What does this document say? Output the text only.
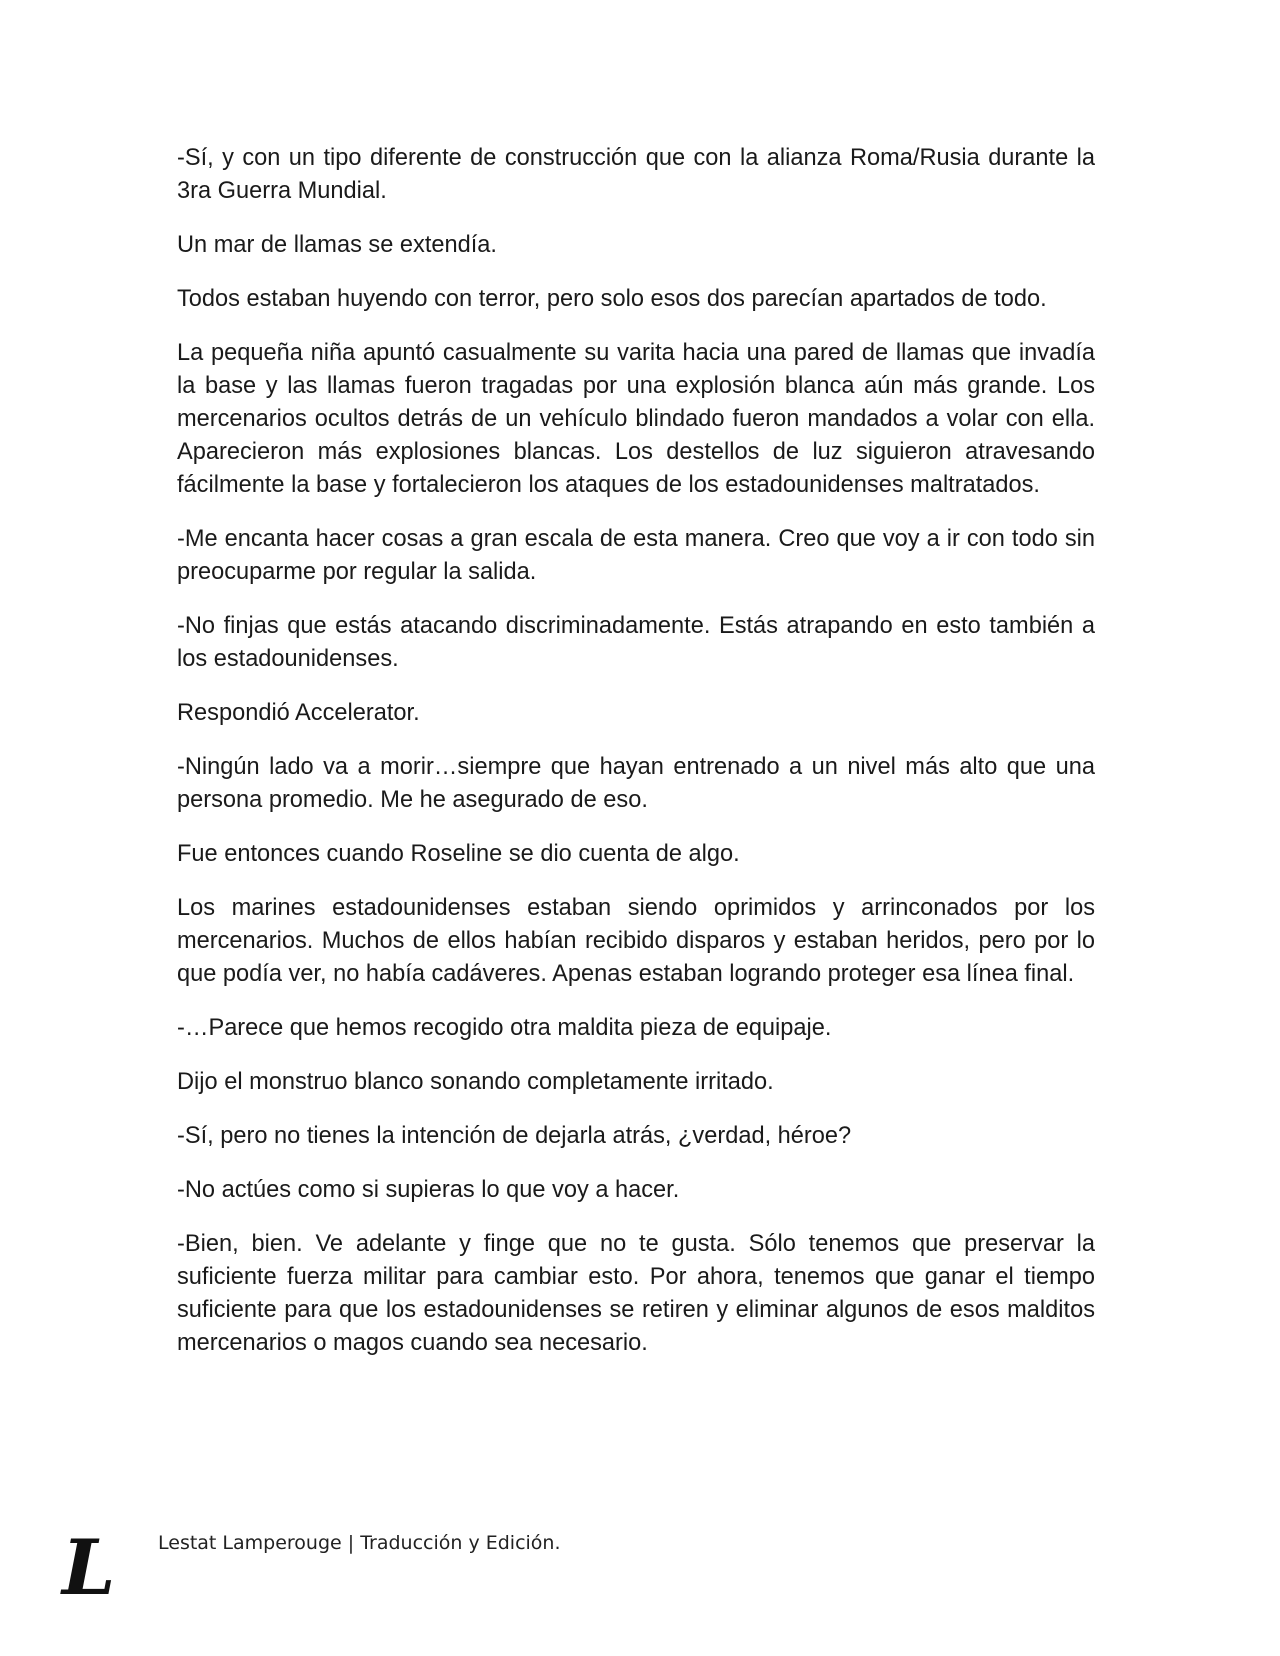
-Sí, y con un tipo diferente de construcción que con la alianza Roma/Rusia durante la 3ra Guerra Mundial.

Un mar de llamas se extendía.

Todos estaban huyendo con terror, pero solo esos dos parecían apartados de todo.

La pequeña niña apuntó casualmente su varita hacia una pared de llamas que invadía la base y las llamas fueron tragadas por una explosión blanca aún más grande. Los mercenarios ocultos detrás de un vehículo blindado fueron mandados a volar con ella. Aparecieron más explosiones blancas. Los destellos de luz siguieron atravesando fácilmente la base y fortalecieron los ataques de los estadounidenses maltratados.

-Me encanta hacer cosas a gran escala de esta manera. Creo que voy a ir con todo sin preocuparme por regular la salida.

-No finjas que estás atacando discriminadamente. Estás atrapando en esto también a los estadounidenses.

Respondió Accelerator.

-Ningún lado va a morir…siempre que hayan entrenado a un nivel más alto que una persona promedio. Me he asegurado de eso.

Fue entonces cuando Roseline se dio cuenta de algo.

Los marines estadounidenses estaban siendo oprimidos y arrinconados por los mercenarios. Muchos de ellos habían recibido disparos y estaban heridos, pero por lo que podía ver, no había cadáveres. Apenas estaban logrando proteger esa línea final.

-…Parece que hemos recogido otra maldita pieza de equipaje.

Dijo el monstruo blanco sonando completamente irritado.

-Sí, pero no tienes la intención de dejarla atrás, ¿verdad, héroe?

-No actúes como si supieras lo que voy a hacer.

-Bien, bien. Ve adelante y finge que no te gusta. Sólo tenemos que preservar la suficiente fuerza militar para cambiar esto. Por ahora, tenemos que ganar el tiempo suficiente para que los estadounidenses se retiren y eliminar algunos de esos malditos mercenarios o magos cuando sea necesario.

L	Lestat Lamperouge | Traducción y Edición.
